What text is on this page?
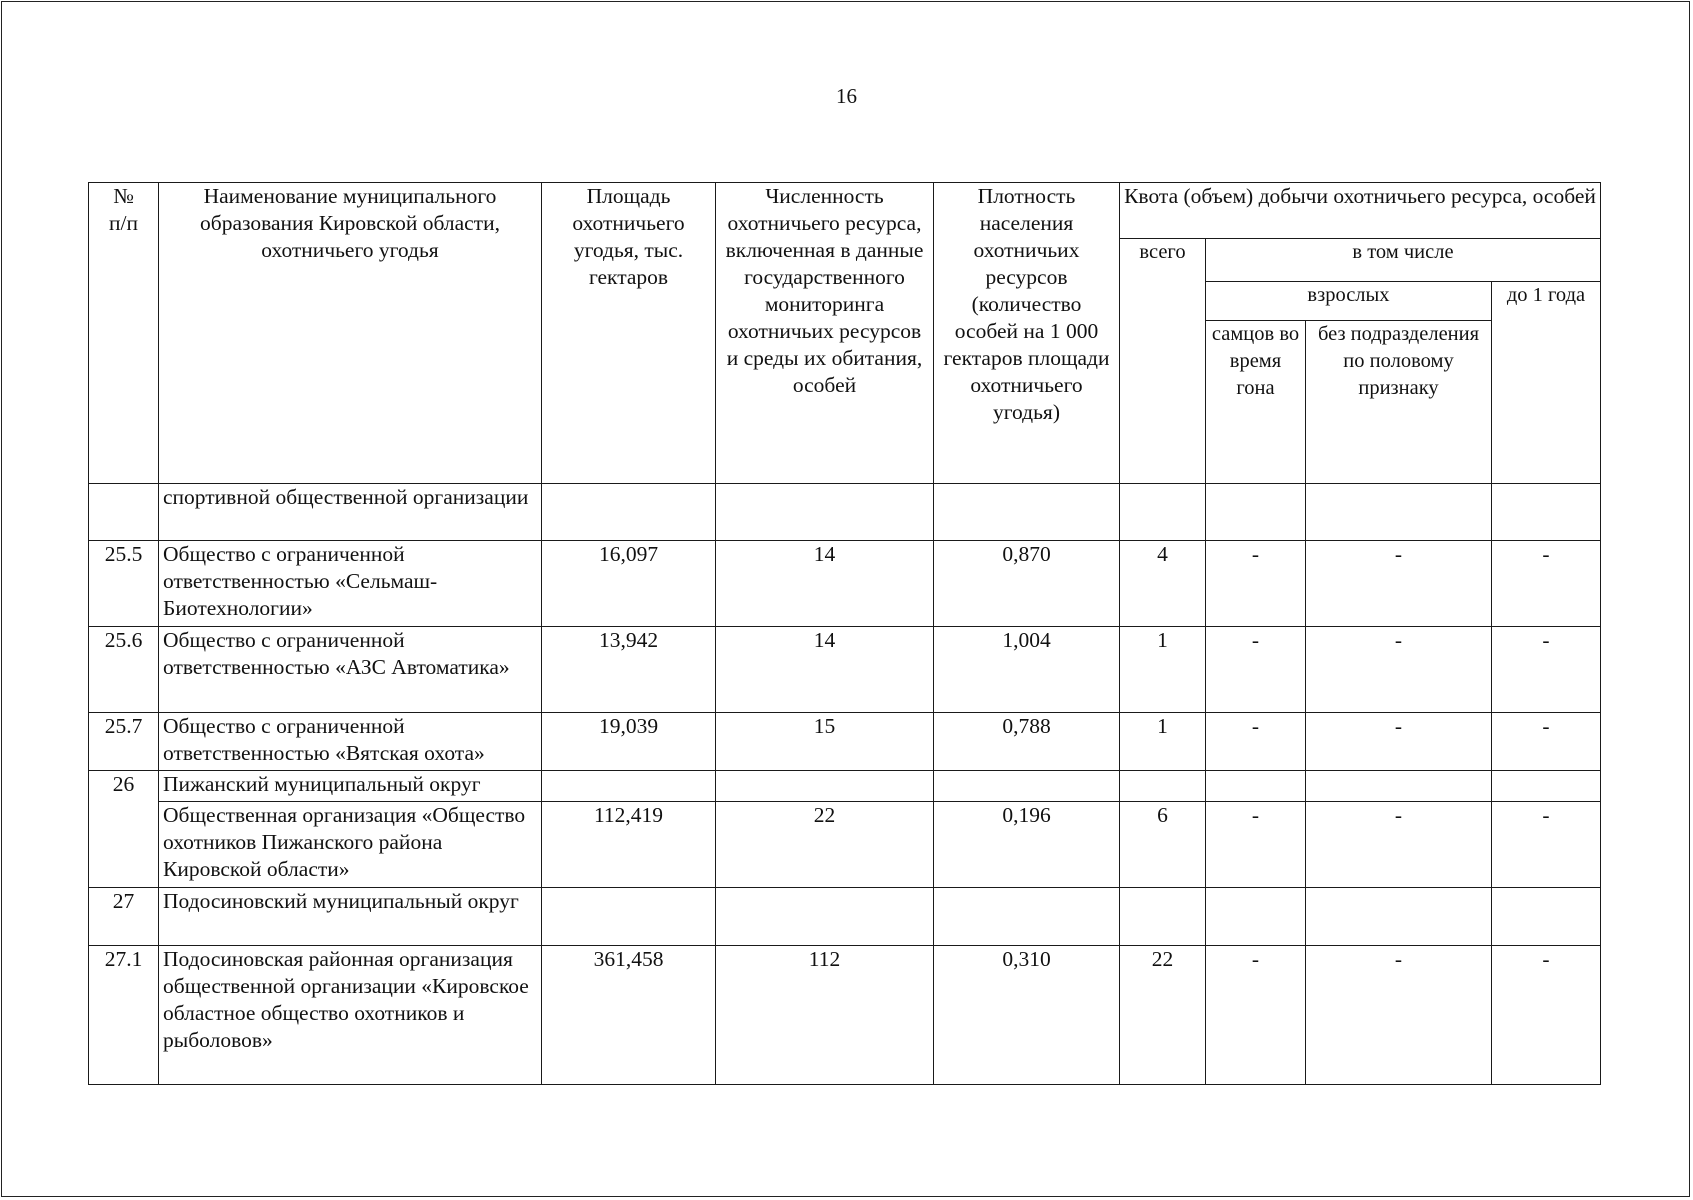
16
№
п/п	Наименование муниципального образования Кировской области, охотничьего угодья	Площадь охотничьего угодья, тыс. гектаров	Численность охотничьего ресурса, включенная в данные государственного мониторинга охотничьих ресурсов и среды их обитания, особей	Плотность населения охотничьих ресурсов (количество особей на 1 000 гектаров площади охотничьего угодья)	Квота (объем) добычи охотничьего ресурса, особей			
					всего	в том числе		
						взрослых		до 1 года
						самцов во время гона	без подразделения по половому признаку	
	спортивной общественной организации							
25.5	Общество с ограниченной ответственностью «Сельмаш-Биотехнологии»	16,097	14	0,870	4	-	-	-
25.6	Общество с ограниченной ответственностью «АЗС Автоматика»	13,942	14	1,004	1	-	-	-
25.7	Общество с ограниченной ответственностью «Вятская охота»	19,039	15	0,788	1	-	-	-
26	Пижанский муниципальный округ							
	Общественная организация «Общество охотников Пижанского района Кировской области»	112,419	22	0,196	6	-	-	-
27	Подосиновский муниципальный округ							
27.1	Подосиновская районная организация общественной организации «Кировское областное общество охотников и рыболовов»	361,458	112	0,310	22	-	-	-
